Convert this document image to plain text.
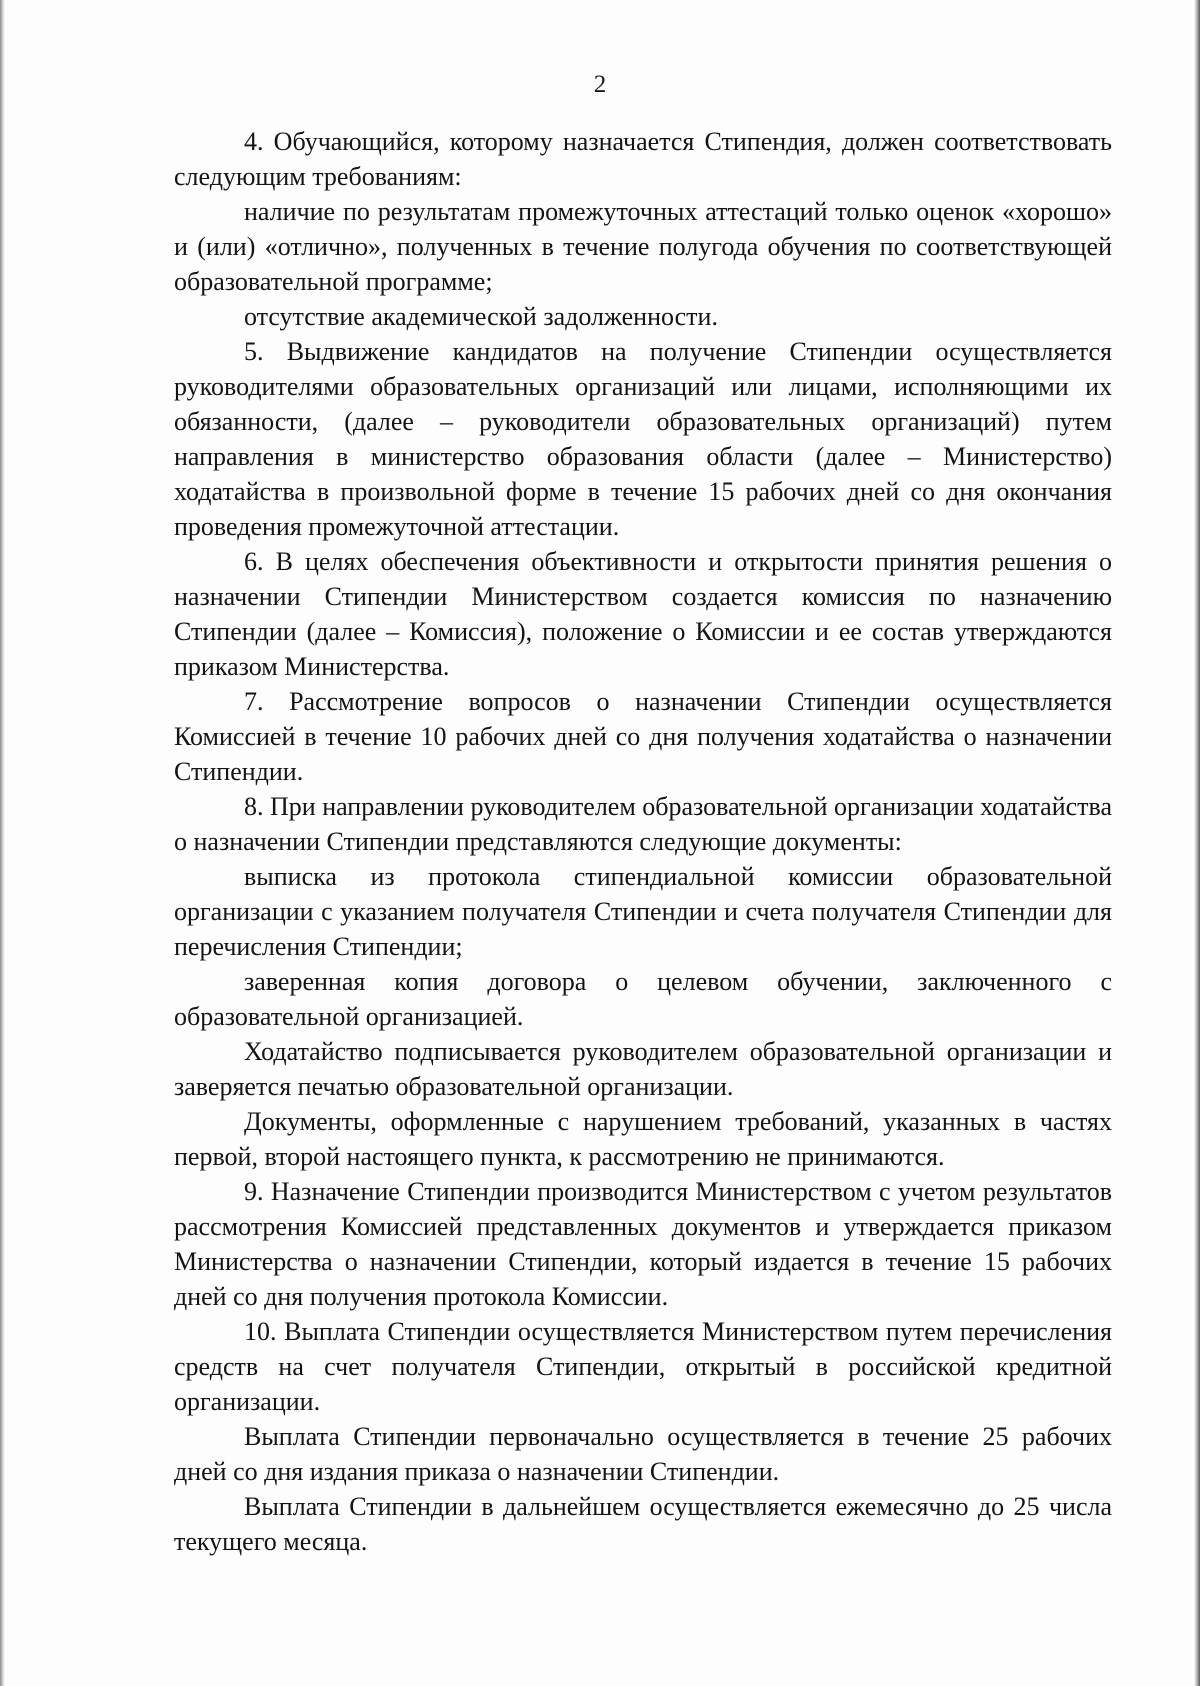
2

4. Обучающийся, которому назначается Стипендия, должен соответствовать следующим требованиям:

наличие по результатам промежуточных аттестаций только оценок «хорошо» и (или) «отлично», полученных в течение полугода обучения по соответствующей образовательной программе;

отсутствие академической задолженности.

5. Выдвижение кандидатов на получение Стипендии осуществляется руководителями образовательных организаций или лицами, исполняющими их обязанности, (далее – руководители образовательных организаций) путем направления в министерство образования области (далее – Министерство) ходатайства в произвольной форме в течение 15 рабочих дней со дня окончания проведения промежуточной аттестации.

6. В целях обеспечения объективности и открытости принятия решения о назначении Стипендии Министерством создается комиссия по назначению Стипендии (далее – Комиссия), положение о Комиссии и ее состав утверждаются приказом Министерства.

7. Рассмотрение вопросов о назначении Стипендии осуществляется Комиссией в течение 10 рабочих дней со дня получения ходатайства о назначении Стипендии.

8. При направлении руководителем образовательной организации ходатайства о назначении Стипендии представляются следующие документы:

выписка из протокола стипендиальной комиссии образовательной организации с указанием получателя Стипендии и счета получателя Стипендии для перечисления Стипендии;

заверенная копия договора о целевом обучении, заключенного с образовательной организацией.

Ходатайство подписывается руководителем образовательной организации и заверяется печатью образовательной организации.

Документы, оформленные с нарушением требований, указанных в частях первой, второй настоящего пункта, к рассмотрению не принимаются.

9. Назначение Стипендии производится Министерством с учетом результатов рассмотрения Комиссией представленных документов и утверждается приказом Министерства о назначении Стипендии, который издается в течение 15 рабочих дней со дня получения протокола Комиссии.

10. Выплата Стипендии осуществляется Министерством путем перечисления средств на счет получателя Стипендии, открытый в российской кредитной организации.

Выплата Стипендии первоначально осуществляется в течение 25 рабочих дней со дня издания приказа о назначении Стипендии.

Выплата Стипендии в дальнейшем осуществляется ежемесячно до 25 числа текущего месяца.
